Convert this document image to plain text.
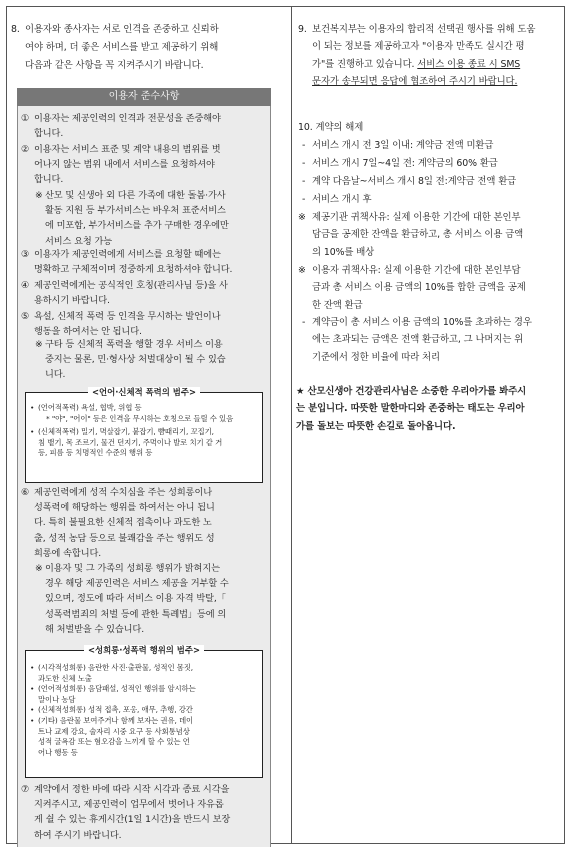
8. 이용자와 종사자는 서로 인격을 존중하고 신뢰하
여야 하며, 더 좋은 서비스를 받고 제공하기 위해
다음과 같은 사항을 꼭 지켜주시기 바랍니다.
이용자 준수사항
① 이용자는 제공인력의 인격과 전문성을 존중해야
합니다.
② 이용자는 서비스 표준 및 계약 내용의 범위를 벗
어나지 않는 범위 내에서 서비스를 요청하셔야
합니다.
※ 산모 및 신생아 외 다른 가족에 대한 돌봄·가사
활동 지원 등 부가서비스는 바우처 표준서비스
에 미포함, 부가서비스를 추가 구매한 경우에만
서비스 요청 가능
③ 이용자가 제공인력에게 서비스를 요청할 때에는
명확하고 구체적이며 정중하게 요청하셔야 합니다.
④ 제공인력에게는 공식적인 호칭(관리사님 등)을 사
용하시기 바랍니다.
⑤ 욕설, 신체적 폭력 등 인격을 무시하는 발언이나
행동을 하여서는 안 됩니다.
※ 구타 등 신체적 폭력을 행할 경우 서비스 이용
중지는 물론, 민·형사상 처벌대상이 될 수 있습
니다.
<언어·신체적 폭력의 범주>
• (언어적폭력) 욕설, 협박, 위협 등
* "야", "어이" 등은 인격을 무시하는 호칭으로 들릴 수 있음
• (신체적폭력) 밀기, 멱살잡기, 붙잡기, 뺨때리기, 꼬집기,
침 뱉기, 목 조르기, 물건 던지기, 주먹이나 발로 치기 같 거
등, 피름 등 치명적인 수준의 행위 등
⑥ 제공인력에게 성적 수치심을 주는 성희롱이나
성폭력에 해당하는 행위를 하여서는 아니 됩니
다. 특히 불필요한 신체적 접촉이나 과도한 노
출, 성적 농담 등으로 불쾌감을 주는 행위도 성
희롱에 속합니다.
※ 이용자 및 그 가족의 성희롱 행위가 밝혀지는
경우 해당 제공인력은 서비스 제공을 거부할 수
있으며, 정도에 따라 서비스 이용 자격 박탈,「
성폭력범죄의 처벌 등에 관한 특례법」등에 의
해 처벌받을 수 있습니다.
<성희롱·성폭력 행위의 범주>
• (시각적성희롱) 음란한 사진·출판물, 성적인 몸짓,
과도한 신체 노출
• (언어적성희롱) 음담패설, 성적인 행위를 암시하는
말이나 농담
• (신체적성희롱) 성적 접촉, 포옹, 애무, 추행, 강간
• (기타) 음란물 보여주거나 함께 보자는 권유, 데이
트나 교제 강요, 술자리 시중 요구 등 사회통념상
성적 굴욕감 또는 혐오감을 느끼게 할 수 있는 언
어나 행동 등
⑦ 계약에서 정한 바에 따라 시작 시각과 종료 시각을
지켜주시고, 제공인력이 업무에서 벗어나 자유롭
게 쉴 수 있는 휴게시간(1일 1시간)을 반드시 보장
하여 주시기 바랍니다.
9. 보건복지부는 이용자의 합리적 선택권 행사를 위해 도움
이 되는 정보를 제공하고자 "이용자 만족도 실시간 평
가"를 진행하고 있습니다. 서비스 이용 종료 시 SMS
문자가 송부되면 응답에 협조하여 주시기 바랍니다.
10. 계약의 해제
- 서비스 개시 전 3일 이내: 계약금 전액 미환급
- 서비스 개시 7일~4일 전: 계약금의 60% 환급
- 계약 다음날~서비스 개시 8일 전:계약금 전액 환급
- 서비스 개시 후
※ 제공기관 귀책사유: 실제 이용한 기간에 대한 본인부
담금을 공제한 잔액을 환급하고, 총 서비스 이용 금액
의 10%를 배상
※ 이용자 귀책사유: 실제 이용한 기간에 대한 본인부담
금과 총 서비스 이용 금액의 10%를 합한 금액을 공제
한 잔액 환급
- 계약금이 총 서비스 이용 금액의 10%를 초과하는 경우
에는 초과되는 금액은 전액 환급하고, 그 나머지는 위
기준에서 정한 비율에 따라 처리
★ 산모신생아 건강관리사님은 소중한 우리아가를 봐주시
는 분입니다. 따뜻한 말한마디와 존중하는 태도는 우리아
가를 돌보는 따뜻한 손길로 돌아옵니다.
